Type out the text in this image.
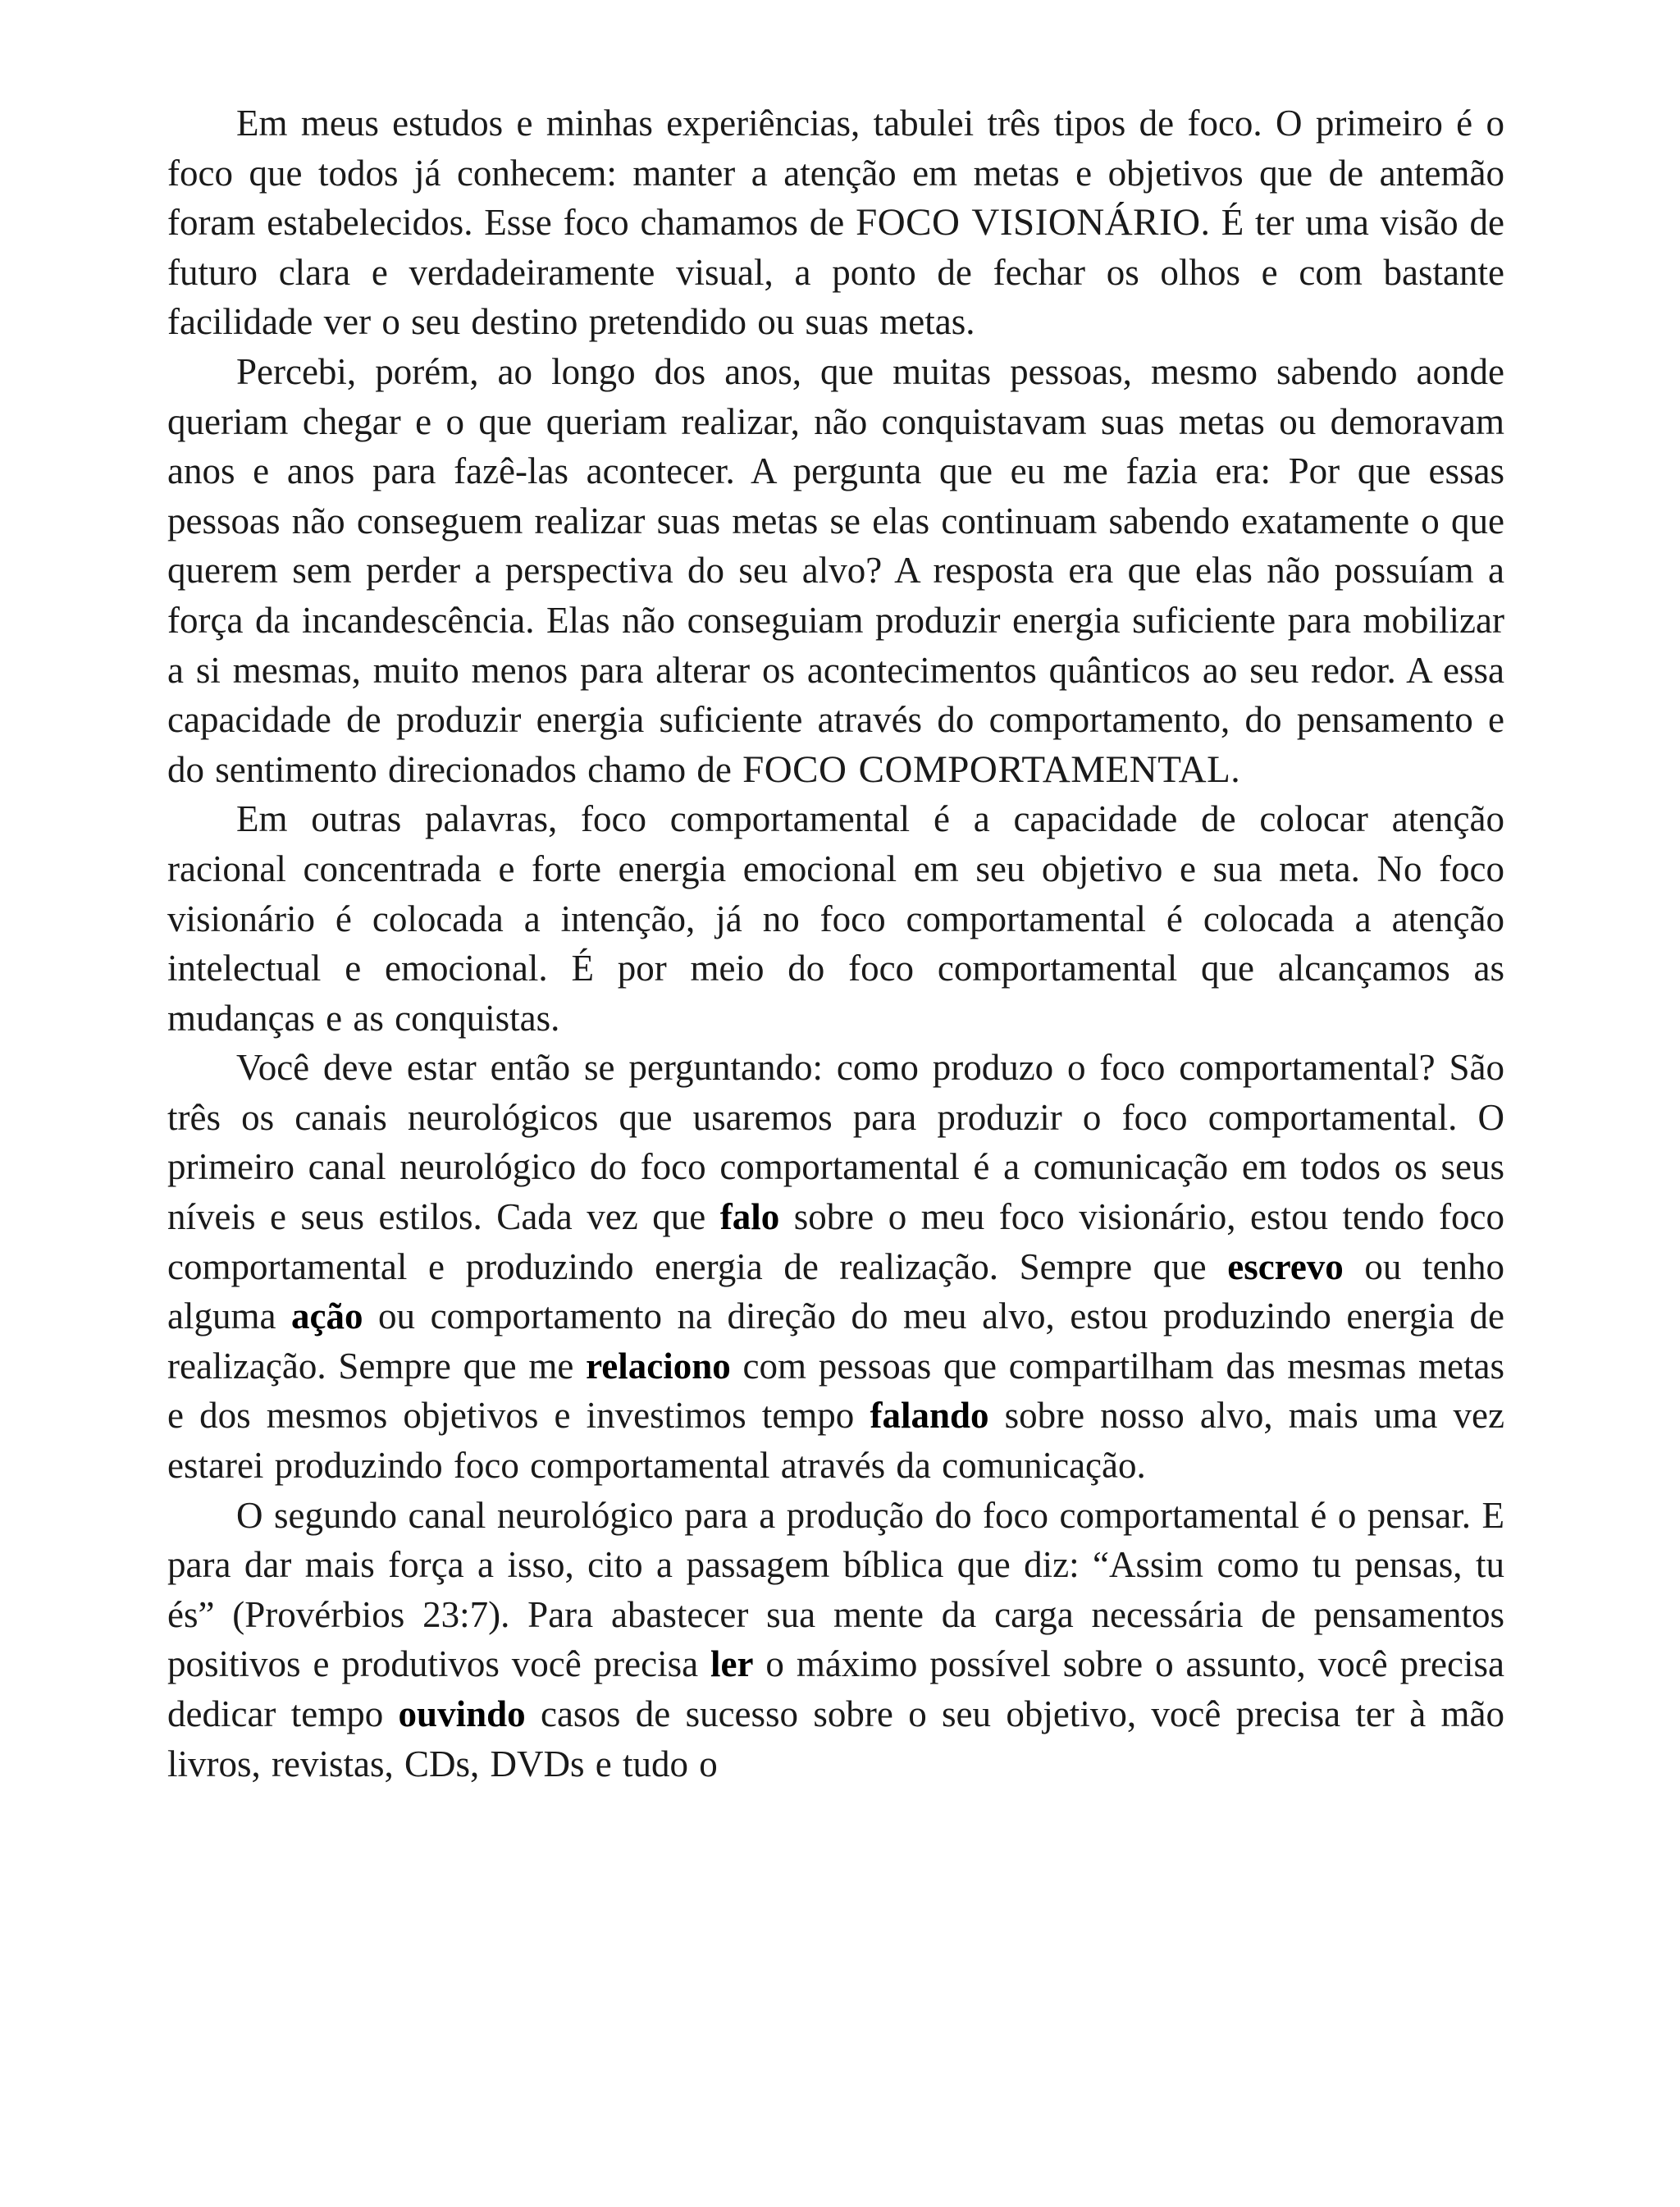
Em meus estudos e minhas experiências, tabulei três tipos de foco. O primeiro é o foco que todos já conhecem: manter a atenção em metas e objetivos que de antemão foram estabelecidos. Esse foco chamamos de FOCO VISIONÁRIO. É ter uma visão de futuro clara e verdadeiramente visual, a ponto de fechar os olhos e com bastante facilidade ver o seu destino pretendido ou suas metas.

Percebi, porém, ao longo dos anos, que muitas pessoas, mesmo sabendo aonde queriam chegar e o que queriam realizar, não conquistavam suas metas ou demoravam anos e anos para fazê-las acontecer. A pergunta que eu me fazia era: Por que essas pessoas não conseguem realizar suas metas se elas continuam sabendo exatamente o que querem sem perder a perspectiva do seu alvo? A resposta era que elas não possuíam a força da incandescência. Elas não conseguiam produzir energia suficiente para mobilizar a si mesmas, muito menos para alterar os acontecimentos quânticos ao seu redor. A essa capacidade de produzir energia suficiente através do comportamento, do pensamento e do sentimento direcionados chamo de FOCO COMPORTAMENTAL.

Em outras palavras, foco comportamental é a capacidade de colocar atenção racional concentrada e forte energia emocional em seu objetivo e sua meta. No foco visionário é colocada a intenção, já no foco comportamental é colocada a atenção intelectual e emocional. É por meio do foco comportamental que alcançamos as mudanças e as conquistas.

Você deve estar então se perguntando: como produzo o foco comportamental? São três os canais neurológicos que usaremos para produzir o foco comportamental. O primeiro canal neurológico do foco comportamental é a comunicação em todos os seus níveis e seus estilos. Cada vez que falo sobre o meu foco visionário, estou tendo foco comportamental e produzindo energia de realização. Sempre que escrevo ou tenho alguma ação ou comportamento na direção do meu alvo, estou produzindo energia de realização. Sempre que me relaciono com pessoas que compartilham das mesmas metas e dos mesmos objetivos e investimos tempo falando sobre nosso alvo, mais uma vez estarei produzindo foco comportamental através da comunicação.

O segundo canal neurológico para a produção do foco comportamental é o pensar. E para dar mais força a isso, cito a passagem bíblica que diz: “Assim como tu pensas, tu és” (Provérbios 23:7). Para abastecer sua mente da carga necessária de pensamentos positivos e produtivos você precisa ler o máximo possível sobre o assunto, você precisa dedicar tempo ouvindo casos de sucesso sobre o seu objetivo, você precisa ter à mão livros, revistas, CDs, DVDs e tudo o
